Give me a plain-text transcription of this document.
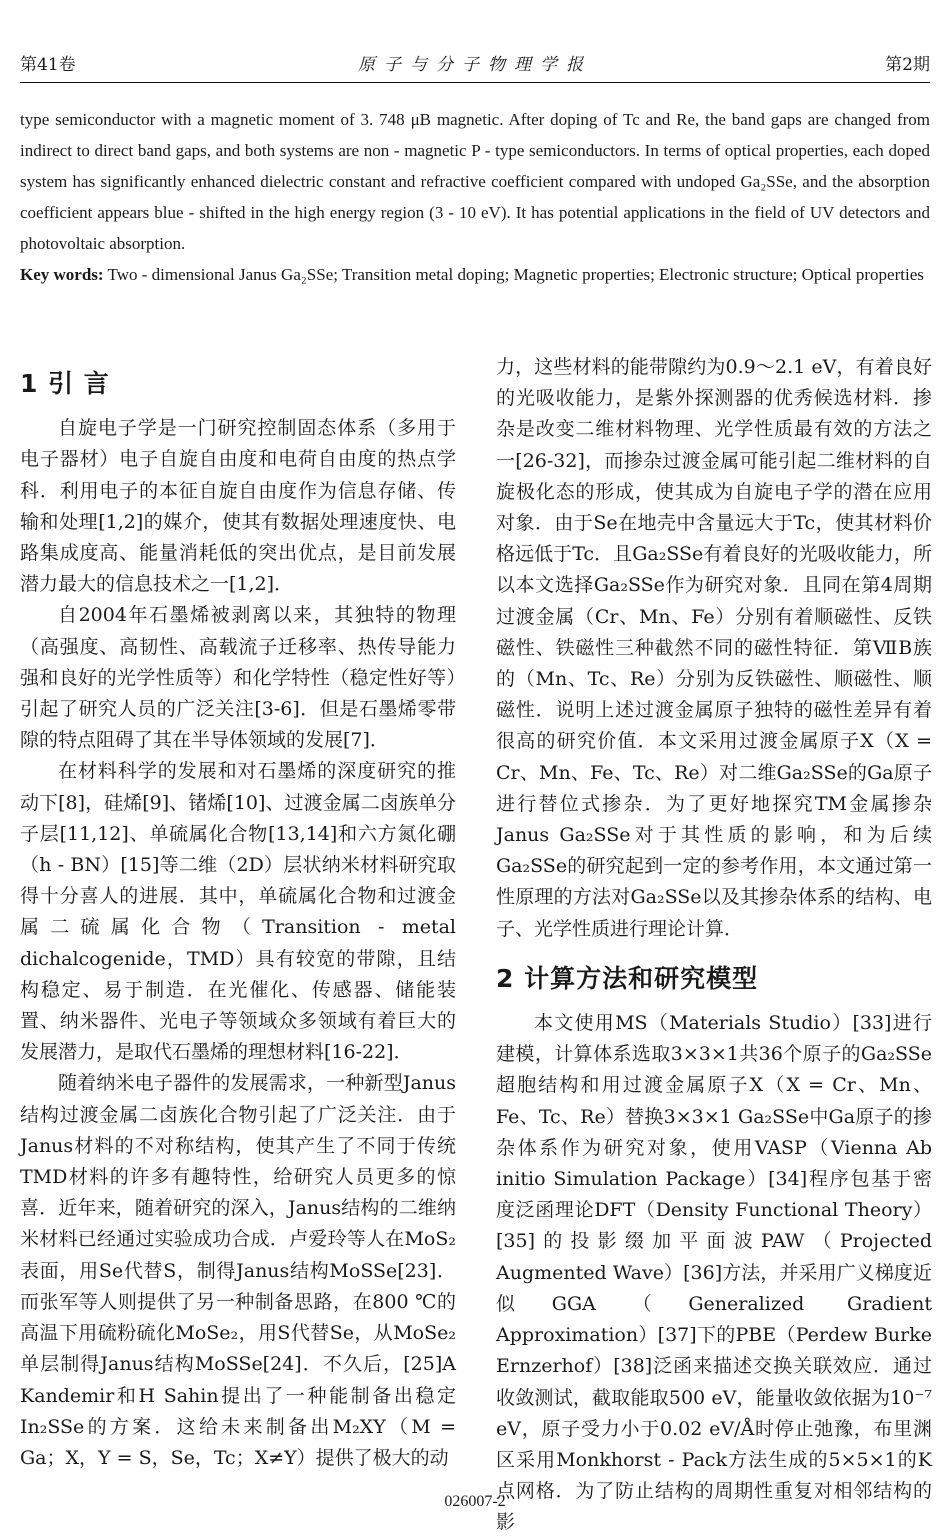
第41卷	原子与分子物理学报	第2期

type semiconductor with a magnetic moment of 3. 748 μB magnetic. After doping of Tc and Re, the band gaps are changed from indirect to direct band gaps, and both systems are non - magnetic P - type semiconductors. In terms of optical properties, each doped system has significantly enhanced dielectric constant and refractive coefficient compared with undoped Ga₂SSe, and the absorption coefficient appears blue - shifted in the high energy region (3 - 10 eV). It has potential applications in the field of UV detectors and photovoltaic absorption.

Key words: Two - dimensional Janus Ga₂SSe; Transition metal doping; Magnetic properties; Electronic structure; Optical properties

1 引 言

自旋电子学是一门研究控制固态体系（多用于电子器材）电子自旋自由度和电荷自由度的热点学科．利用电子的本征自旋自由度作为信息存储、传输和处理[1,2]的媒介，使其有数据处理速度快、电路集成度高、能量消耗低的突出优点，是目前发展潜力最大的信息技术之一[1,2]．

自2004年石墨烯被剥离以来，其独特的物理（高强度、高韧性、高载流子迁移率、热传导能力强和良好的光学性质等）和化学特性（稳定性好等）引起了研究人员的广泛关注[3-6]．但是石墨烯零带隙的特点阻碍了其在半导体领域的发展[7]．

在材料科学的发展和对石墨烯的深度研究的推动下[8]，硅烯[9]、锗烯[10]、过渡金属二卤族单分子层[11,12]、单硫属化合物[13,14]和六方氮化硼（h - BN）[15]等二维（2D）层状纳米材料研究取得十分喜人的进展．其中，单硫属化合物和过渡金属二硫属化合物（Transition - metal dichalcogenide，TMD）具有较宽的带隙，且结构稳定、易于制造．在光催化、传感器、储能装置、纳米器件、光电子等领域众多领域有着巨大的发展潜力，是取代石墨烯的理想材料[16-22]．

随着纳米电子器件的发展需求，一种新型Janus结构过渡金属二卤族化合物引起了广泛关注．由于Janus材料的不对称结构，使其产生了不同于传统TMD材料的许多有趣特性，给研究人员更多的惊喜．近年来，随着研究的深入，Janus结构的二维纳米材料已经通过实验成功合成．卢爱玲等人在MoS₂表面，用Se代替S，制得Janus结构MoSSe[23]．而张军等人则提供了另一种制备思路，在800 ℃的高温下用硫粉硫化MoSe₂，用S代替Se，从MoSe₂单层制得Janus结构MoSSe[24]．不久后，[25]A Kandemir和H Sahin提出了一种能制备出稳定In₂SSe的方案．这给未来制备出M₂XY（M = Ga；X，Y = S，Se，Tc；X≠Y）提供了极大的动

力，这些材料的能带隙约为0.9～2.1 eV，有着良好的光吸收能力，是紫外探测器的优秀候选材料．掺杂是改变二维材料物理、光学性质最有效的方法之一[26-32]，而掺杂过渡金属可能引起二维材料的自旋极化态的形成，使其成为自旋电子学的潜在应用对象．由于Se在地壳中含量远大于Tc，使其材料价格远低于Tc．且Ga₂SSe有着良好的光吸收能力，所以本文选择Ga₂SSe作为研究对象．且同在第4周期过渡金属（Cr、Mn、Fe）分别有着顺磁性、反铁磁性、铁磁性三种截然不同的磁性特征．第ⅦB族的（Mn、Tc、Re）分别为反铁磁性、顺磁性、顺磁性．说明上述过渡金属原子独特的磁性差异有着很高的研究价值．本文采用过渡金属原子X（X = Cr、Mn、Fe、Tc、Re）对二维Ga₂SSe的Ga原子进行替位式掺杂．为了更好地探究TM金属掺杂Janus Ga₂SSe对于其性质的影响，和为后续Ga₂SSe的研究起到一定的参考作用，本文通过第一性原理的方法对Ga₂SSe以及其掺杂体系的结构、电子、光学性质进行理论计算．

2 计算方法和研究模型

本文使用MS（Materials Studio）[33]进行建模，计算体系选取3×3×1共36个原子的Ga₂SSe超胞结构和用过渡金属原子X（X = Cr、Mn、Fe、Tc、Re）替换3×3×1 Ga₂SSe中Ga原子的掺杂体系作为研究对象，使用VASP（Vienna Ab initio Simulation Package）[34]程序包基于密度泛函理论DFT（Density Functional Theory）[35]的投影缀加平面波PAW（Projected Augmented Wave）[36]方法，并采用广义梯度近似GGA（Generalized Gradient Approximation）[37]下的PBE（Perdew Burke Ernzerhof）[38]泛函来描述交换关联效应．通过收敛测试，截取能取500 eV，能量收敛依据为10⁻⁷ eV，原子受力小于0.02 eV/Å时停止弛豫，布里渊区采用Monkhorst - Pack方法生成的5×5×1的K点网格．为了防止结构的周期性重复对相邻结构的影

026007-2
